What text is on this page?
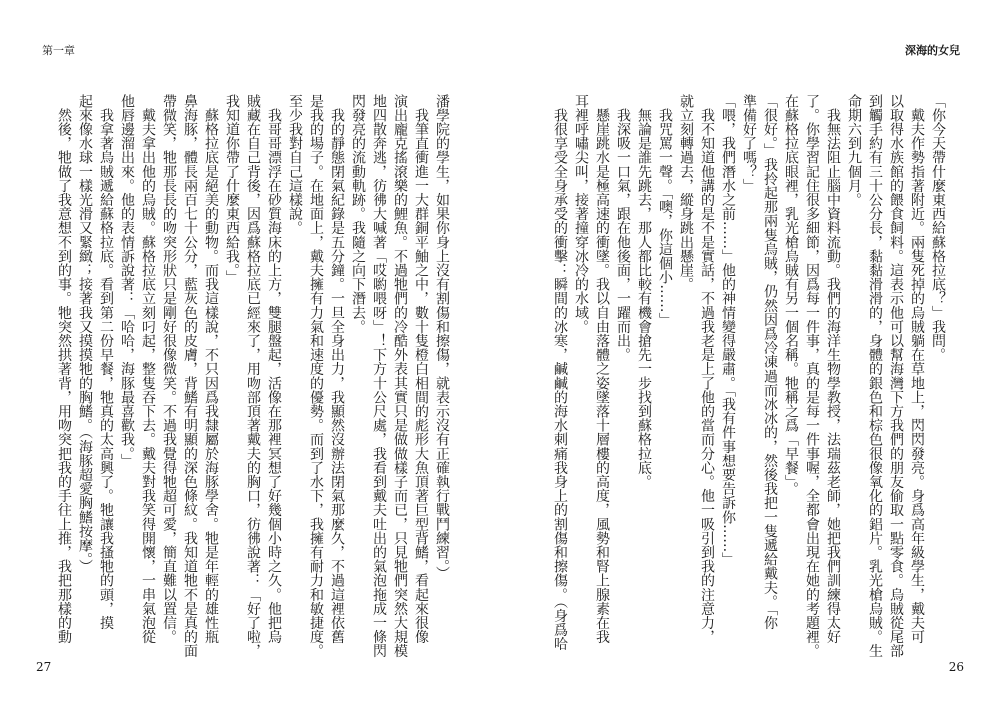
第一章	深海的女兒
「你今天帶什麼東西給蘇格拉底？」我問。
　戴夫作勢指著附近。兩隻死掉的烏賊躺在草地上，閃閃發亮。身爲高年級學生，戴夫可
以取得水族館的餵食飼料。這表示他可以幫海灣下方我們的朋友偷取一點零食。烏賊從尾部
到觸手約有三十公分長，黏黏滑滑的，身體的銀色和棕色很像氧化的鋁片。乳光槍烏賊。生
命期六到九個月。
　我無法阻止腦中資料流動。我們的海洋生物學教授，法瑞茲老師，她把我們訓練得太好
了。你學習記住很多細節，因爲每一件事，真的是每一件事喔，全都會出現在她的考題裡。
在蘇格拉底眼裡，乳光槍烏賊有另一個名稱。牠稱之爲「早餐」。
「很好。」我拎起那兩隻烏賊，仍然因爲冷凍過而冰冰的，然後我把一隻遞給戴夫。「你
準備好了嗎？」
「喂，我們潛水之前……」他的神情變得嚴肅。「我有件事想要告訴你……」
　我不知道他講的是不是實話，不過我老是上了他的當而分心。他一吸引到我的注意力，
就立刻轉過去，縱身跳出懸崖。
　我咒罵一聲。「噢，你這個小……」
　無論是誰先跳去，那人都比較有機會搶先一步找到蘇格拉底。
　我深吸一口氣，跟在他後面，一躍而出。
　懸崖跳水是極高速的衝墜。我以自由落體之姿墜落十層樓的高度，風勢和腎上腺素在我
耳裡呼嘯尖叫，接著撞穿冰冷的水域。
　我很享受全身承受的衝擊：瞬間的冰寒，鹹鹹的海水刺痛我身上的割傷和擦傷。（身爲哈
潘學院的學生，如果你身上沒有割傷和擦傷，就表示沒有正確執行戰鬥練習。）
　我筆直衝進一大群銅平鮋之中，數十隻橙白相間的彪形大魚頂著巨型背鰭，看起來很像
演出龐克搖滾樂的鯉魚。不過牠們的冷酷外表其實只是做做樣子而已，只見牠們突然大規模
地四散奔逃，彷彿大喊著「哎喲喂呀」！下方十公尺處，我看到戴夫吐出的氣泡拖成一條閃
閃發亮的流動軌跡。我隨之向下潛去。
　我的靜態閉氣紀錄是五分鐘。一旦全身出力，我顯然沒辦法閉氣那麼久，不過這裡依舊
是我的場子。在地面上，戴夫擁有力氣和速度的優勢。而到了水下，我擁有耐力和敏捷度。
至少我對自己這樣說。
　我哥哥漂浮在砂質海床的上方，雙腿盤起，活像在那裡冥想了好幾個小時之久。他把烏
賊藏在自己背後，因爲蘇格拉底已經來了，用吻部頂著戴夫的胸口，彷彿說著：「好了啦，
我知道你帶了什麼東西給我。」
　蘇格拉底是絕美的動物。而我這樣說，不只因爲我隸屬於海豚學舍。牠是年輕的雄性瓶
鼻海豚，體長兩百七十公分，藍灰色的皮膚，背鰭有明顯的深色條紋。我知道牠不是真的面
帶微笑，牠那長長的吻突形狀只是剛好很像微笑。不過我覺得牠超可愛，簡直難以置信。
　戴夫拿出他的烏賊。蘇格拉底立刻叼起，整隻吞下去。戴夫對我笑得開懷，一串氣泡從
他唇邊溜出來。他的表情訴說著：「哈哈，海豚最喜歡我。」
　我拿著烏賊遞給蘇格拉底。看到第二份早餐，牠真的太高興了。牠讓我搔牠的頭，摸
起來像水球一樣光滑又緊緻；接著我又摸摸牠的胸鰭。（海豚超愛胸鰭按摩。）
　然後，牠做了我意想不到的事。牠突然拱著背，用吻突把我的手往上推，我把那樣的動
27	26
